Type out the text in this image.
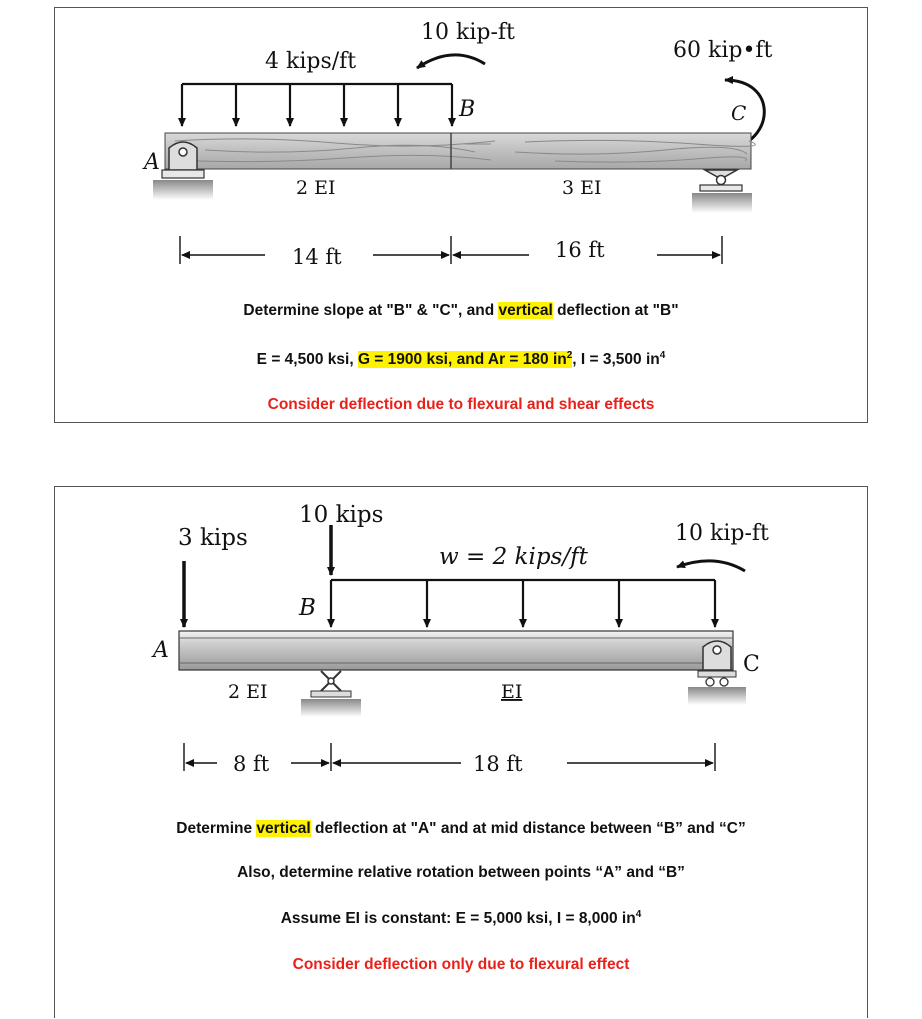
4 kips/ft
10 kip-ft
60 kip•ft
B	C
A
2 EI	3 EI
14 ft	16 ft
Determine slope at "B" & "C", and vertical deflection at "B"
E = 4,500 ksi, G = 1900 ksi, and Ar = 180 $in^2$, I = 3,500 $in^4$
Consider deflection due to flexural and shear effects
3 kips
10 kips
w = 2 kips/ft
10 kip-ft
B
A
C
2 EI	EI
8 ft	18 ft
Determine vertical deflection at "A" and at mid distance between “B” and “C”
Also, determine relative rotation between points “A” and “B”
Assume EI is constant: E = 5,000 ksi, I = 8,000 $in^4$
Consider deflection only due to flexural effect
